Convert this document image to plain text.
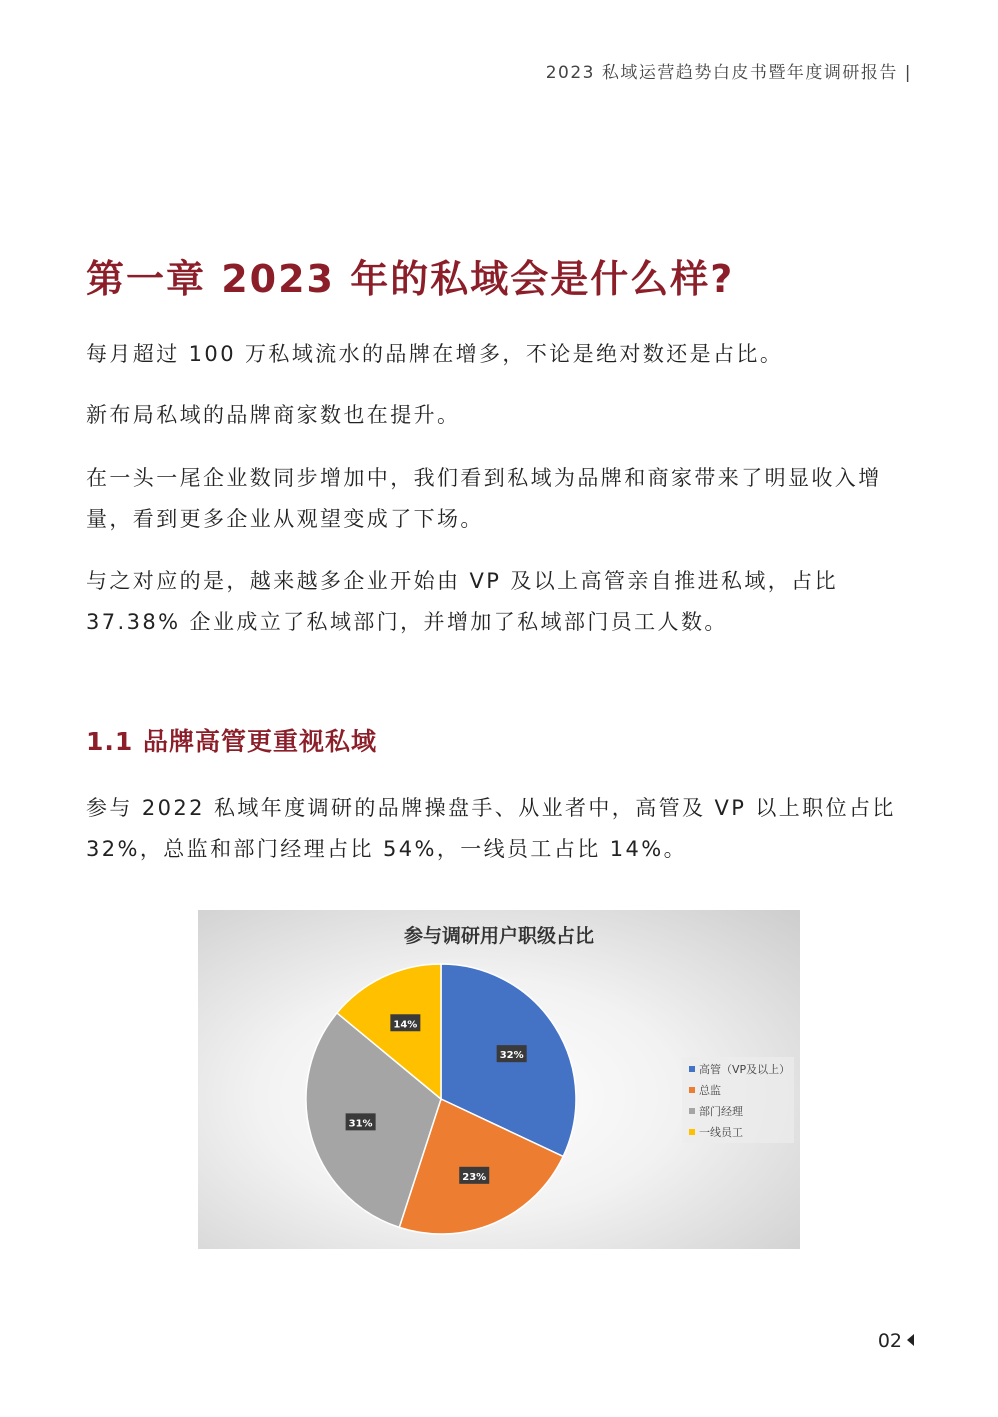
2023 私域运营趋势白皮书暨年度调研报告 |
第一章 2023 年的私域会是什么样?

每月超过 100 万私域流水的品牌在增多，不论是绝对数还是占比。

新布局私域的品牌商家数也在提升。

在一头一尾企业数同步增加中，我们看到私域为品牌和商家带来了明显收入增量，看到更多企业从观望变成了下场。

与之对应的是，越来越多企业开始由 VP 及以上高管亲自推进私域，占比 37.38% 企业成立了私域部门，并增加了私域部门员工人数。

1.1 品牌高管更重视私域

参与 2022 私域年度调研的品牌操盘手、从业者中，高管及 VP 以上职位占比 32%，总监和部门经理占比 54%，一线员工占比 14%。

参与调研用户职级占比
32%
23%
31%
14%
高管（VP及以上）
总监
部门经理
一线员工
02
